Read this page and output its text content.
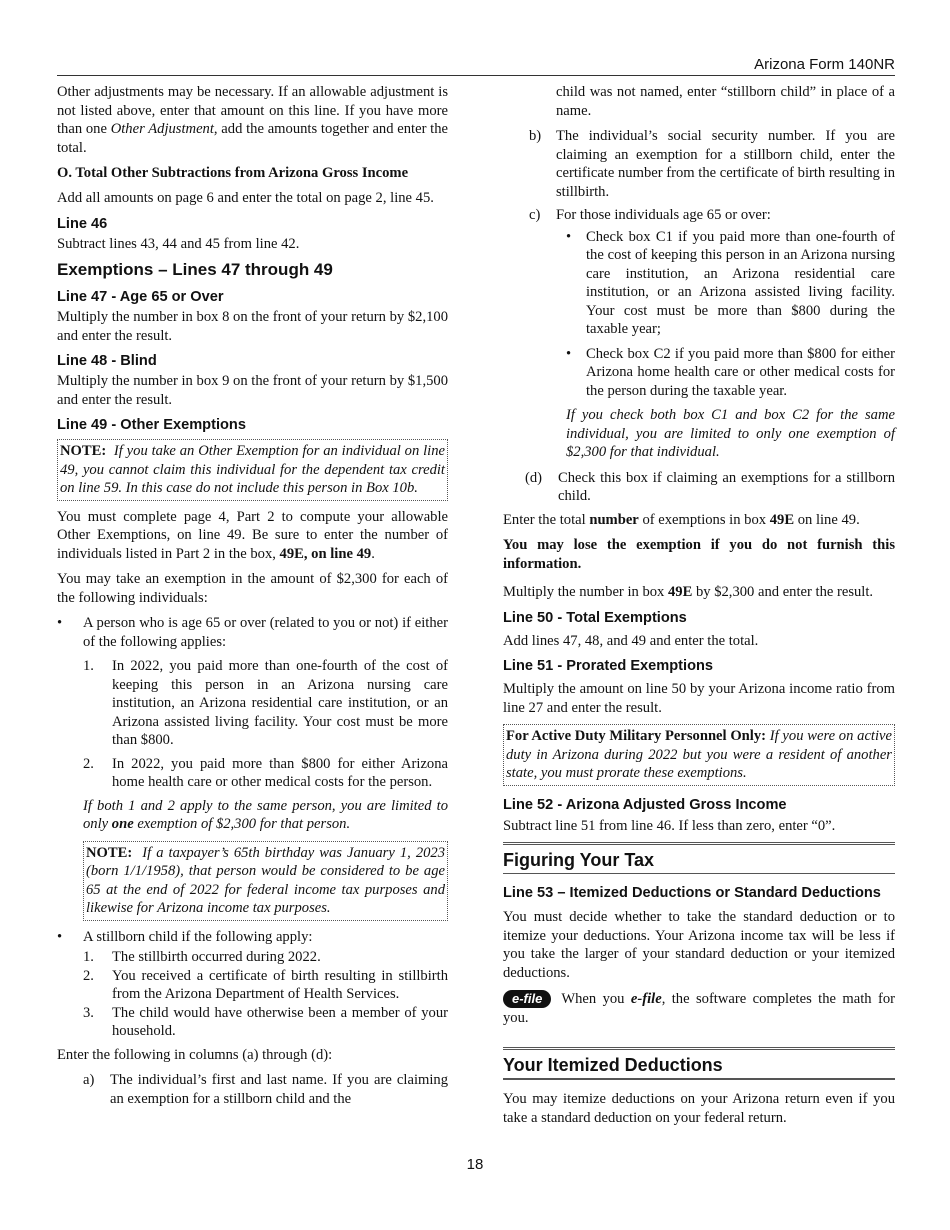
Arizona Form 140NR

Other adjustments may be necessary. If an allowable adjustment is not listed above, enter that amount on this line. If you have more than one Other Adjustment, add the amounts together and enter the total.

O. Total Other Subtractions from Arizona Gross Income

Add all amounts on page 6 and enter the total on page 2, line 45.

Line 46

Subtract lines 43, 44 and 45 from line 42.

Exemptions – Lines 47 through 49
Line 47 - Age 65 or Over

Multiply the number in box 8 on the front of your return by $2,100 and enter the result.

Line 48 - Blind

Multiply the number in box 9 on the front of your return by $1,500 and enter the result.

Line 49 - Other Exemptions
NOTE: If you take an Other Exemption for an individual on line 49, you cannot claim this individual for the dependent tax credit on line 59. In this case do not include this person in Box 10b.

You must complete page 4, Part 2 to compute your allowable Other Exemptions, on line 49. Be sure to enter the number of individuals listed in Part 2 in the box, 49E, on line 49.

You may take an exemption in the amount of $2,300 for each of the following individuals:

• A person who is age 65 or over (related to you or not) if either of the following applies:
1. In 2022, you paid more than one-fourth of the cost of keeping this person in an Arizona nursing care institution, an Arizona residential care institution, or an Arizona assisted living facility. Your cost must be more than $800.
2. In 2022, you paid more than $800 for either Arizona home health care or other medical costs for the person.

If both 1 and 2 apply to the same person, you are limited to only one exemption of $2,300 for that person.

NOTE: If a taxpayer’s 65th birthday was January 1, 2023 (born 1/1/1958), that person would be considered to be age 65 at the end of 2022 for federal income tax purposes and likewise for Arizona income tax purposes.
• A stillborn child if the following apply:
1. The stillbirth occurred during 2022.
2. You received a certificate of birth resulting in stillbirth from the Arizona Department of Health Services.
3. The child would have otherwise been a member of your household.

Enter the following in columns (a) through (d):

a) The individual’s first and last name. If you are claiming an exemption for a stillborn child and the

child was not named, enter “stillborn child” in place of a name.

b) The individual’s social security number. If you are claiming an exemption for a stillborn child, enter the certificate number from the certificate of birth resulting in stillbirth.
c) For those individuals age 65 or over:
• Check box C1 if you paid more than one-fourth of the cost of keeping this person in an Arizona nursing care institution, an Arizona residential care institution, or an Arizona assisted living facility. Your cost must be more than $800 during the taxable year;
• Check box C2 if you paid more than $800 for either Arizona home health care or other medical costs for the person during the taxable year.

If you check both box C1 and box C2 for the same individual, you are limited to only one exemption of $2,300 for that individual.

(d) Check this box if claiming an exemptions for a stillborn child.

Enter the total number of exemptions in box 49E on line 49.

You may lose the exemption if you do not furnish this information.

Multiply the number in box 49E by $2,300 and enter the result.

Line 50 - Total Exemptions

Add lines 47, 48, and 49 and enter the total.

Line 51 - Prorated Exemptions

Multiply the amount on line 50 by your Arizona income ratio from line 27 and enter the result.

For Active Duty Military Personnel Only: If you were on active duty in Arizona during 2022 but you were a resident of another state, you must prorate these exemptions.
Line 52 - Arizona Adjusted Gross Income

Subtract line 51 from line 46. If less than zero, enter “0”.

Figuring Your Tax
Line 53 – Itemized Deductions or Standard Deductions

You must decide whether to take the standard deduction or to itemize your deductions. Your Arizona income tax will be less if you take the larger of your standard deduction or your itemized deductions.

e-file When you e-file, the software completes the math for you.

Your Itemized Deductions

You may itemize deductions on your Arizona return even if you take a standard deduction on your federal return.

18
